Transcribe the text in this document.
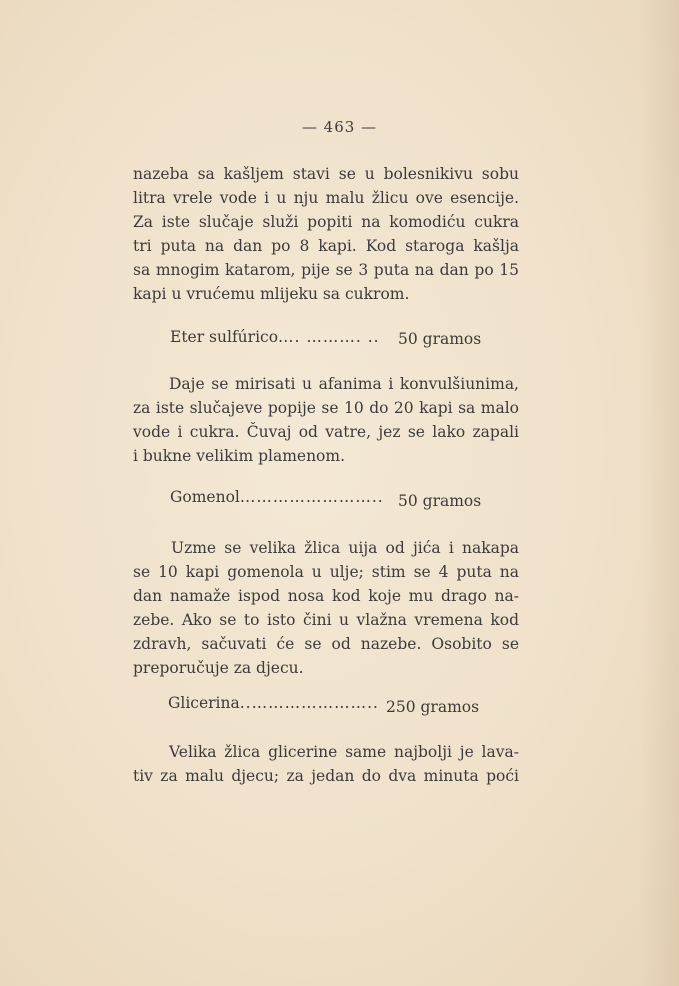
— 463 —
nazeba sa kašljem stavi se u bolesnikivu sobu
litra vrele vode i u nju malu žlicu ove esencije.
Za iste slučaje služi popiti na komodiću cukra
tri puta na dan po 8 kapi. Kod staroga kašlja
sa mnogim katarom, pije se 3 puta na dan po 15
kapi u vrućemu mlijeku sa cukrom.
Eter sulfúrico…. ………. .. 50 gramos
Daje se mirisati u afanima i konvulšiunima,
za iste slučajeve popije se 10 do 20 kapi sa malo
vode i cukra. Čuvaj od vatre, jez se lako zapali
i bukne velikim plamenom.
Gomenol…………………….. 50 gramos
Uzme se velika žlica uija od jića i nakapa
se 10 kapi gomenola u ulje; stim se 4 puta na
dan namaže ispod nosa kod koje mu drago na-
zebe. Ako se to isto čini u vlažna vremena kod
zdravh, sačuvati će se od nazebe. Osobito se
preporučuje za djecu.
Glicerina..………………….. 250 gramos
Velika žlica glicerine same najbolji je lava-
tiv za malu djecu; za jedan do dva minuta poći
